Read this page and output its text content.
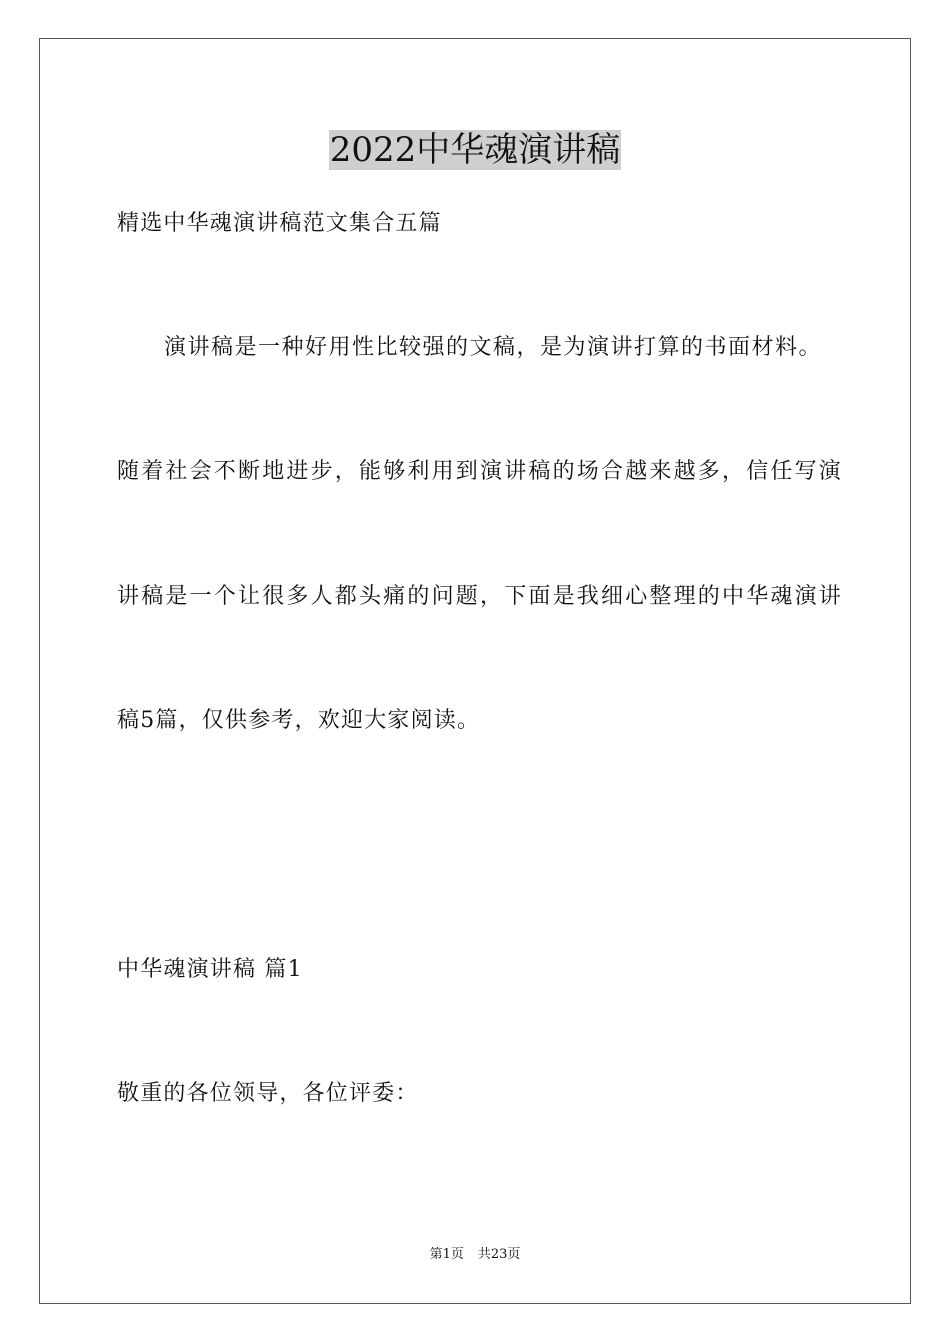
2022中华魂演讲稿

精选中华魂演讲稿范文集合五篇

演讲稿是一种好用性比较强的文稿，是为演讲打算的书面材料。

随着社会不断地进步，能够利用到演讲稿的场合越来越多，信任写演

讲稿是一个让很多人都头痛的问题，下面是我细心整理的中华魂演讲

稿5篇，仅供参考，欢迎大家阅读。

中华魂演讲稿 篇1

敬重的各位领导，各位评委：

第1页 共23页
